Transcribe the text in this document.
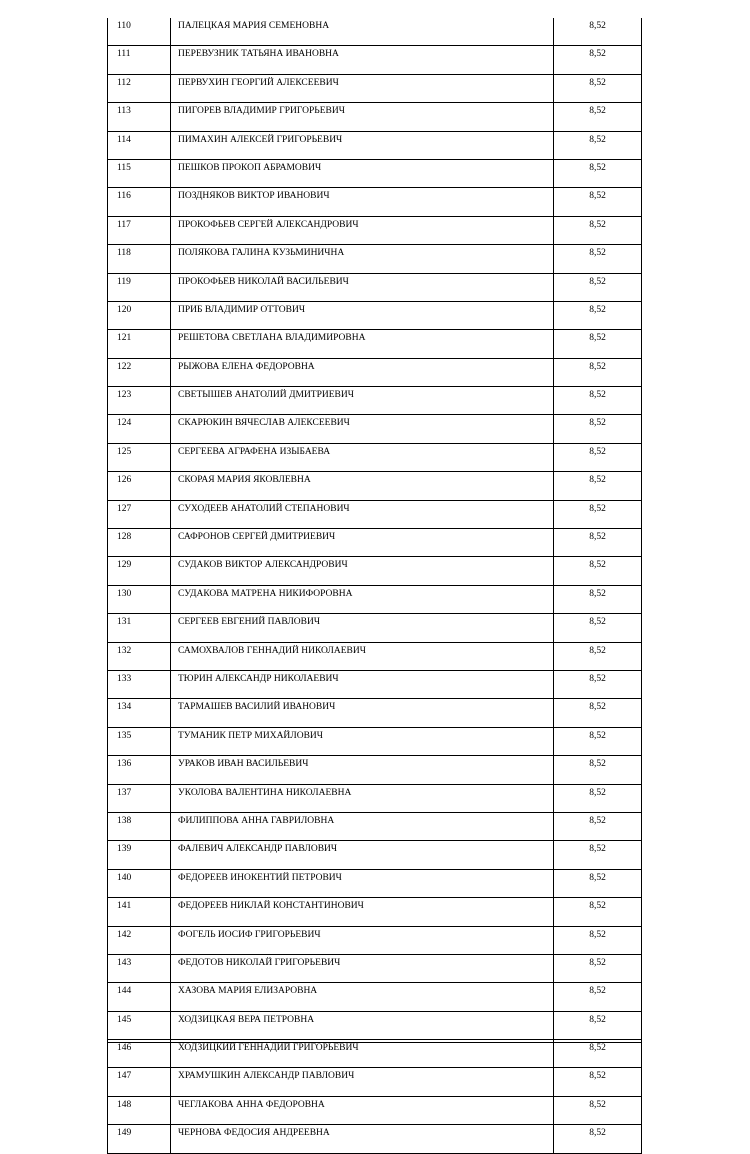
110	ПАЛЕЦКАЯ МАРИЯ СЕМЕНОВНА	8,52
111	ПЕРЕВУЗНИК ТАТЬЯНА ИВАНОВНА	8,52
112	ПЕРВУХИН ГЕОРГИЙ АЛЕКСЕЕВИЧ	8,52
113	ПИГОРЕВ ВЛАДИМИР ГРИГОРЬЕВИЧ	8,52
114	ПИМАХИН АЛЕКСЕЙ ГРИГОРЬЕВИЧ	8,52
115	ПЕШКОВ ПРОКОП АБРАМОВИЧ	8,52
116	ПОЗДНЯКОВ ВИКТОР ИВАНОВИЧ	8,52
117	ПРОКОФЬЕВ СЕРГЕЙ АЛЕКСАНДРОВИЧ	8,52
118	ПОЛЯКОВА ГАЛИНА КУЗЬМИНИЧНА	8,52
119	ПРОКОФЬЕВ НИКОЛАЙ ВАСИЛЬЕВИЧ	8,52
120	ПРИБ ВЛАДИМИР ОТТОВИЧ	8,52
121	РЕШЕТОВА СВЕТЛАНА ВЛАДИМИРОВНА	8,52
122	РЫЖОВА ЕЛЕНА ФЕДОРОВНА	8,52
123	СВЕТЫШЕВ АНАТОЛИЙ ДМИТРИЕВИЧ	8,52
124	СКАРЮКИН ВЯЧЕСЛАВ АЛЕКСЕЕВИЧ	8,52
125	СЕРГЕЕВА АГРАФЕНА ИЗЫБАЕВА	8,52
126	СКОРАЯ МАРИЯ ЯКОВЛЕВНА	8,52
127	СУХОДЕЕВ АНАТОЛИЙ СТЕПАНОВИЧ	8,52
128	САФРОНОВ СЕРГЕЙ ДМИТРИЕВИЧ	8,52
129	СУДАКОВ ВИКТОР АЛЕКСАНДРОВИЧ	8,52
130	СУДАКОВА МАТРЕНА НИКИФОРОВНА	8,52
131	СЕРГЕЕВ ЕВГЕНИЙ ПАВЛОВИЧ	8,52
132	САМОХВАЛОВ ГЕННАДИЙ НИКОЛАЕВИЧ	8,52
133	ТЮРИН АЛЕКСАНДР НИКОЛАЕВИЧ	8,52
134	ТАРМАШЕВ ВАСИЛИЙ ИВАНОВИЧ	8,52
135	ТУМАНИК ПЕТР МИХАЙЛОВИЧ	8,52
136	УРАКОВ ИВАН ВАСИЛЬЕВИЧ	8,52
137	УКОЛОВА ВАЛЕНТИНА НИКОЛАЕВНА	8,52
138	ФИЛИППОВА АННА ГАВРИЛОВНА	8,52
139	ФАЛЕВИЧ АЛЕКСАНДР ПАВЛОВИЧ	8,52
140	ФЕДОРЕЕВ ИНОКЕНТИЙ ПЕТРОВИЧ	8,52
141	ФЕДОРЕЕВ НИКЛАЙ КОНСТАНТИНОВИЧ	8,52
142	ФОГЕЛЬ ИОСИФ ГРИГОРЬЕВИЧ	8,52
143	ФЕДОТОВ НИКОЛАЙ ГРИГОРЬЕВИЧ	8,52
144	ХАЗОВА МАРИЯ ЕЛИЗАРОВНА	8,52
145	ХОДЗИЦКАЯ ВЕРА ПЕТРОВНА	8,52
146	ХОДЗИЦКИЙ ГЕННАДИЙ ГРИГОРЬЕВИЧ	8,52
147	ХРАМУШКИН АЛЕКСАНДР ПАВЛОВИЧ	8,52
148	ЧЕГЛАКОВА АННА ФЕДОРОВНА	8,52
149	ЧЕРНОВА ФЕДОСИЯ АНДРЕЕВНА	8,52
